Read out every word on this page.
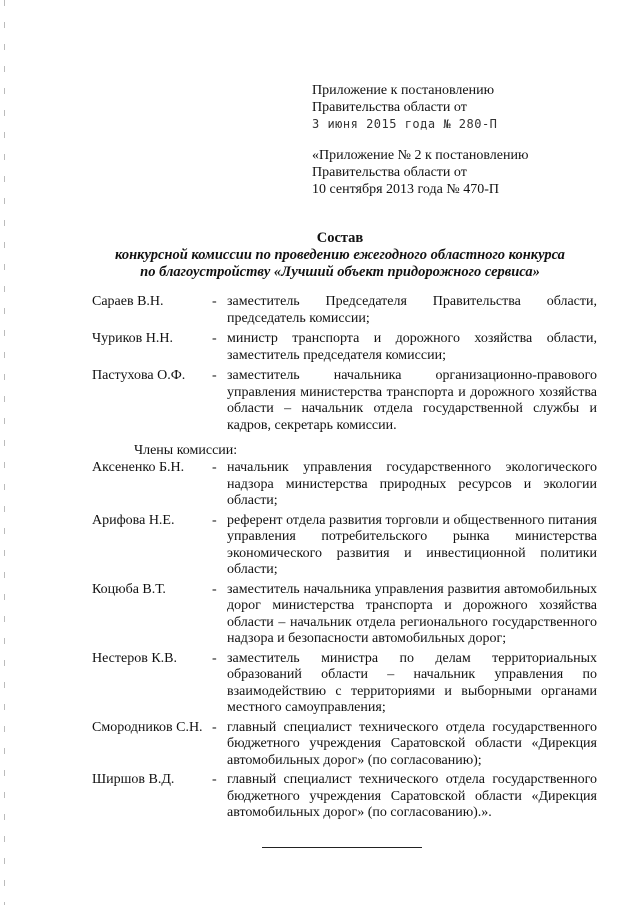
Приложение к постановлению
Правительства области от
3 июня 2015 года № 280-П
«Приложение № 2 к постановлению
Правительства области от
10 сентября 2013 года № 470-П
Состав
конкурсной комиссии по проведению ежегодного областного конкурса
по благоустройству «Лучший объект придорожного сервиса»
Сараев В.Н.	- заместитель Председателя Правительства области, председатель комиссии;
Чуриков Н.Н.	- министр транспорта и дорожного хозяйства области, заместитель председателя комиссии;
Пастухова О.Ф. - заместитель начальника организационно-правового управления министерства транспорта и дорожного хозяйства области – начальник отдела государственной службы и кадров, секретарь комиссии.
Члены комиссии:
Аксененко Б.Н. - начальник управления государственного экологического надзора министерства природных ресурсов и экологии области;
Арифова Н.Е.	- референт отдела развития торговли и общественного питания управления потребительского рынка министерства экономического развития и инвестиционной политики области;
Коцюба В.Т.	- заместитель начальника управления развития автомобильных дорог министерства транспорта и дорожного хозяйства области – начальник отдела регионального государственного надзора и безопасности автомобильных дорог;
Нестеров К.В. - заместитель министра по делам территориальных образований области – начальник управления по взаимодействию с территориями и выборными органами местного самоуправления;
Смородников С.Н. - главный специалист технического отдела государственного бюджетного учреждения Саратовской области «Дирекция автомобильных дорог» (по согласованию);
Ширшов В.Д.	- главный специалист технического отдела государственного бюджетного учреждения Саратовской области «Дирекция автомобильных дорог» (по согласованию).».
